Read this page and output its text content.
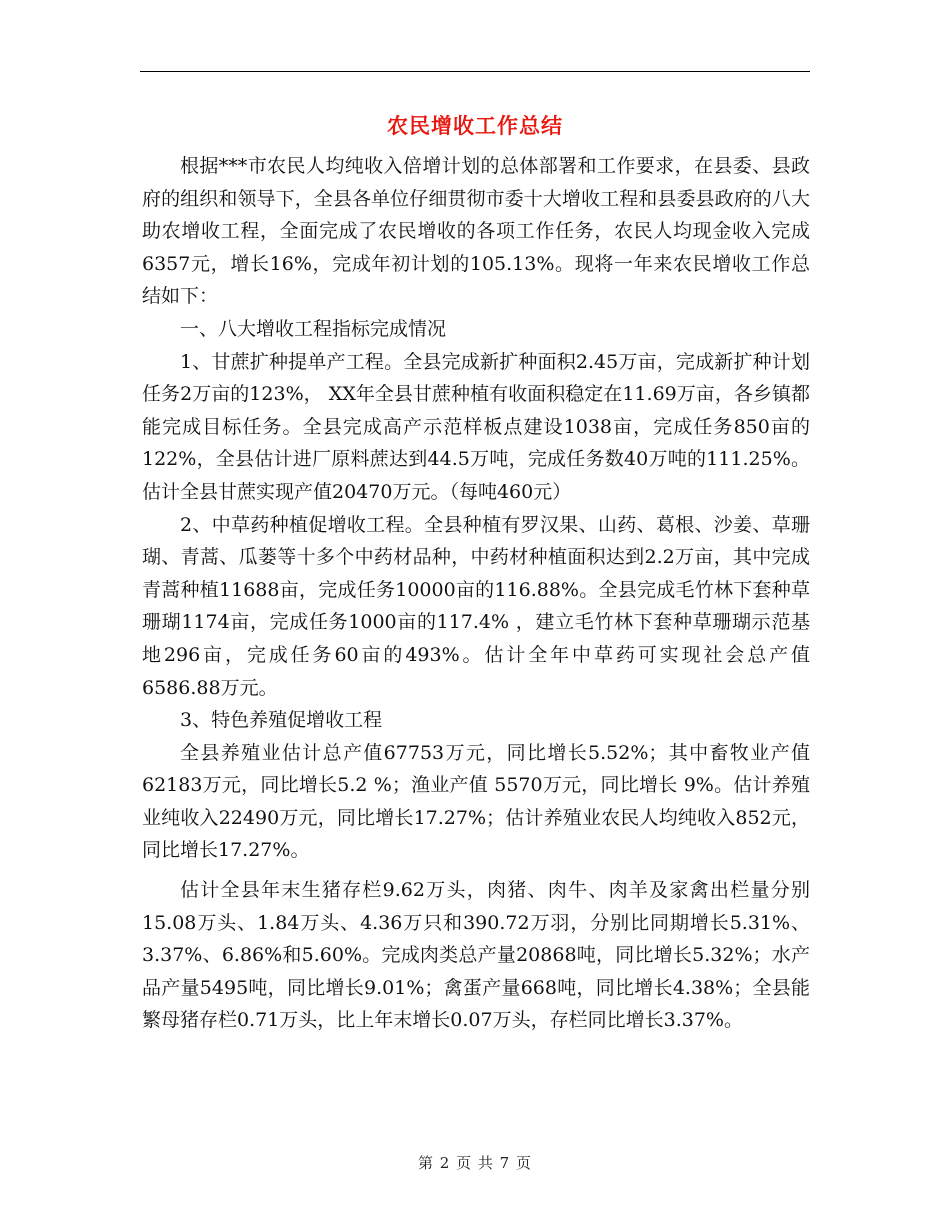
农民增收工作总结

根据***市农民人均纯收入倍增计划的总体部署和工作要求，在县委、县政府的组织和领导下，全县各单位仔细贯彻市委十大增收工程和县委县政府的八大助农增收工程，全面完成了农民增收的各项工作任务，农民人均现金收入完成6357元，增长16%，完成年初计划的105.13%。现将一年来农民增收工作总结如下：

一、八大增收工程指标完成情况

1、甘蔗扩种提单产工程。全县完成新扩种面积2.45万亩，完成新扩种计划任务2万亩的123%， XX年全县甘蔗种植有收面积稳定在11.69万亩，各乡镇都能完成目标任务。全县完成高产示范样板点建设1038亩，完成任务850亩的122%，全县估计进厂原料蔗达到44.5万吨，完成任务数40万吨的111.25%。估计全县甘蔗实现产值20470万元。（每吨460元）

2、中草药种植促增收工程。全县种植有罗汉果、山药、葛根、沙姜、草珊瑚、青蒿、瓜蒌等十多个中药材品种，中药材种植面积达到2.2万亩，其中完成青蒿种植11688亩，完成任务10000亩的116.88%。全县完成毛竹林下套种草珊瑚1174亩，完成任务1000亩的117.4% ，建立毛竹林下套种草珊瑚示范基地296亩，完成任务60亩的493%。估计全年中草药可实现社会总产值6586.88万元。

3、特色养殖促增收工程

全县养殖业估计总产值67753万元，同比增长5.52%；其中畜牧业产值62183万元，同比增长5.2 %；渔业产值 5570万元，同比增长 9%。估计养殖业纯收入22490万元，同比增长17.27%；估计养殖业农民人均纯收入852元，同比增长17.27%。

估计全县年末生猪存栏9.62万头，肉猪、肉牛、肉羊及家禽出栏量分别15.08万头、1.84万头、4.36万只和390.72万羽，分别比同期增长5.31%、3.37%、6.86%和5.60%。完成肉类总产量20868吨，同比增长5.32%；水产品产量5495吨，同比增长9.01%；禽蛋产量668吨，同比增长4.38%；全县能繁母猪存栏0.71万头，比上年末增长0.07万头，存栏同比增长3.37%。

第 2 页 共 7 页
